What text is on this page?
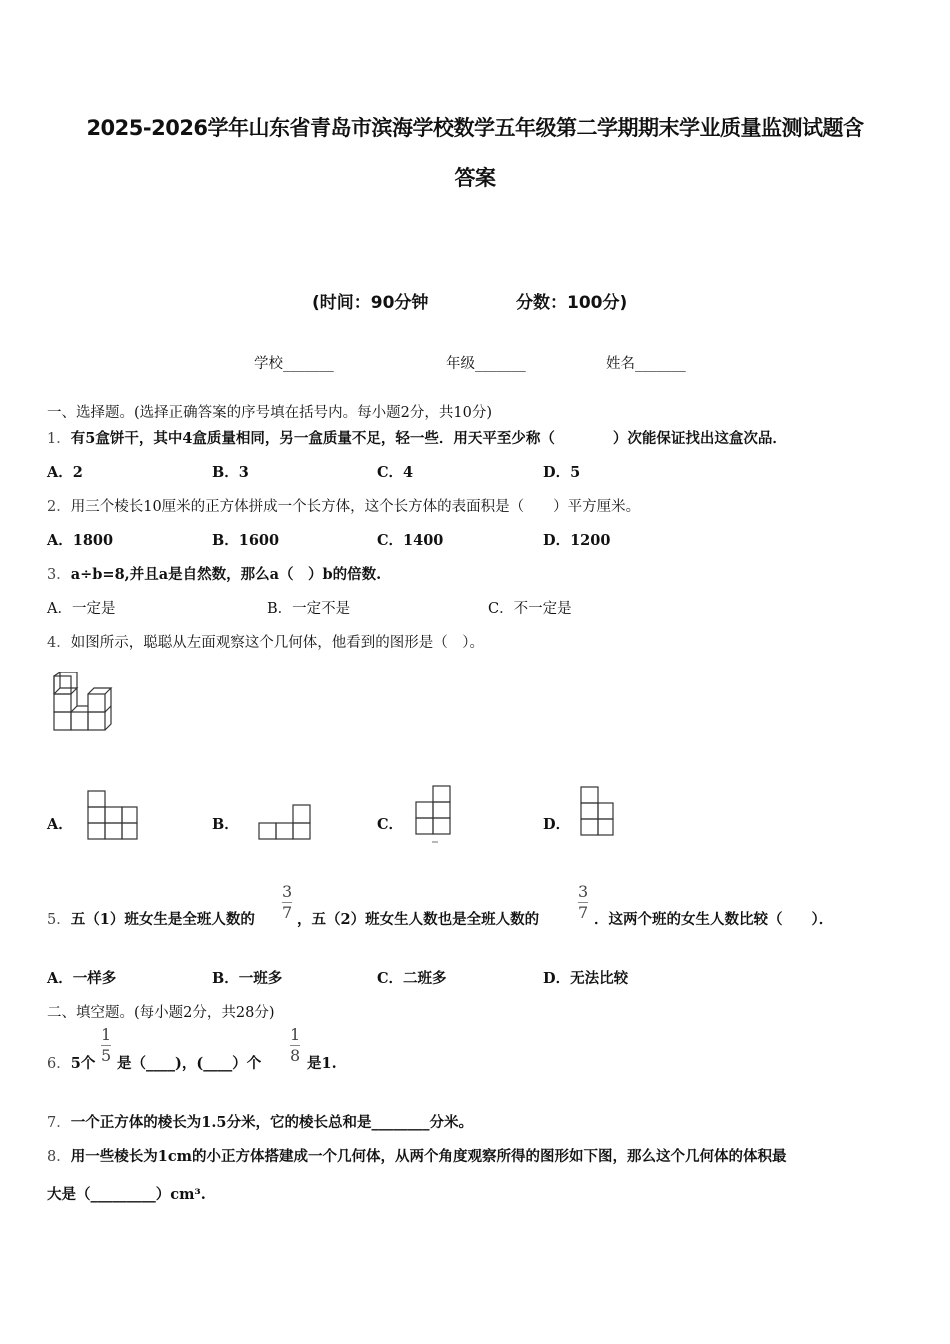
2025-2026学年山东省青岛市滨海学校数学五年级第二学期期末学业质量监测试题含
答案
(时间：90分钟	分数：100分)
学校_______	年级_______	姓名_______
一、选择题。(选择正确答案的序号填在括号内。每小题2分，共10分)
1．有5盒饼干，其中4盒质量相同，另一盒质量不足，轻一些．用天平至少称（　　　　）次能保证找出这盒次品．
A．2	B．3	C．4	D．5
2．用三个棱长10厘米的正方体拼成一个长方体，这个长方体的表面积是（　　）平方厘米。
A．1800	B．1600	C．1400	D．1200
3．a÷b=8,并且a是自然数，那么a（　）b的倍数.
A．一定是	B．一定不是	C．不一定是
4．如图所示，聪聪从左面观察这个几何体，他看到的图形是（　）。
A．	B．	C．	D．
5．五（1）班女生是全班人数的 $\frac{3}{7}$ ，五（2）班女生人数也是全班人数的 $\frac{3}{7}$ ．这两个班的女生人数比较（　　）．
A．一样多	B．一班多	C．二班多	D．无法比较
二、填空题。(每小题2分，共28分)
6．5个 $\frac{1}{5}$ 是（____)，(____）个 $\frac{1}{8}$ 是1.
7．一个正方体的棱长为1.5分米，它的棱长总和是________分米。
8．用一些棱长为1cm的小正方体搭建成一个几何体，从两个角度观察所得的图形如下图，那么这个几何体的体积最
大是（_________）cm³.
